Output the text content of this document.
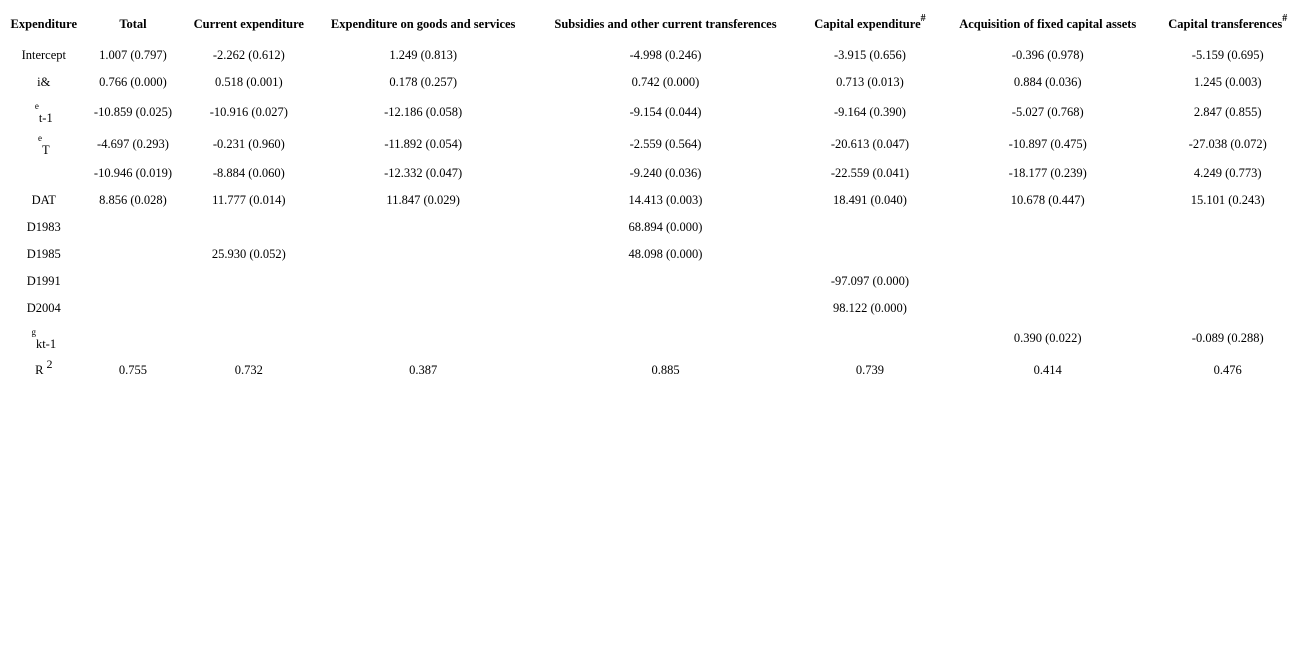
Expenditure	Total	Current expenditure	Expenditure on goods and services	Subsidies and other current transferences	Capital expenditure#	Acquisition of fixed capital assets	Capital transferences#
Intercept	1.007 (0.797)	-2.262 (0.612)	1.249 (0.813)	-4.998 (0.246)	-3.915 (0.656)	-0.396 (0.978)	-5.159 (0.695)
i&	0.766 (0.000)	0.518 (0.001)	0.178 (0.257)	0.742 (0.000)	0.713 (0.013)	0.884 (0.036)	1.245 (0.003)
$^e$t-1	-10.859 (0.025)	-10.916 (0.027)	-12.186 (0.058)	-9.154 (0.044)	-9.164 (0.390)	-5.027 (0.768)	2.847 (0.855)
$^e$T	-4.697 (0.293)	-0.231 (0.960)	-11.892 (0.054)	-2.559 (0.564)	-20.613 (0.047)	-10.897 (0.475)	-27.038 (0.072)
	-10.946 (0.019)	-8.884 (0.060)	-12.332 (0.047)	-9.240 (0.036)	-22.559 (0.041)	-18.177 (0.239)	4.249 (0.773)
DAT	8.856 (0.028)	11.777 (0.014)	11.847 (0.029)	14.413 (0.003)	18.491 (0.040)	10.678 (0.447)	15.101 (0.243)
D1983				68.894 (0.000)			
D1985		25.930 (0.052)		48.098 (0.000)			
D1991					-97.097 (0.000)		
D2004					98.122 (0.000)		
$^g$kt-1						0.390 (0.022)	-0.089 (0.288)
R 2	0.755	0.732	0.387	0.885	0.739	0.414	0.476
